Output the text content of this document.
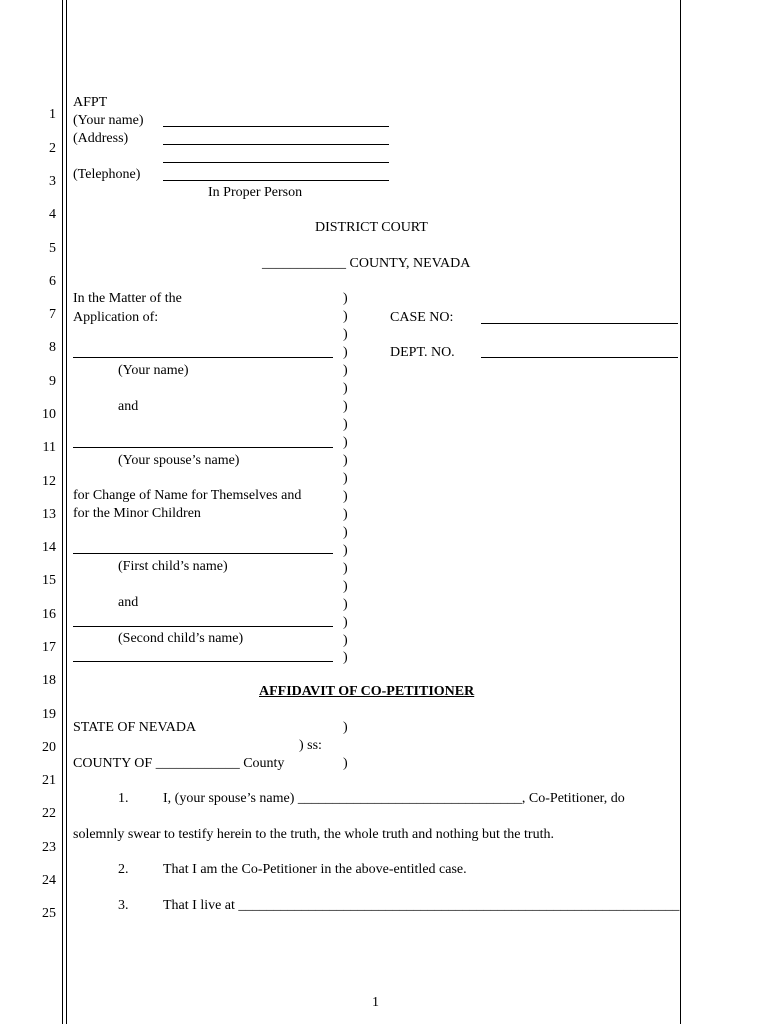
1
2
3
4
5
6
7
8
9
10
11
12
13
14
15
16
17
18
19
20
21
22
23
24
25
AFPT
(Your name)
(Address)
(Telephone)
In Proper Person
DISTRICT COURT
____________ COUNTY, NEVADA
In the Matter of the
Application of:
(Your name)
and
(Your spouse’s name)
for Change of Name for Themselves and
for the Minor Children
(First child’s name)
and
(Second child’s name)
)
)
)
)
)
)
)
)
)
)
)
)
)
)
)
)
)
)
)
)
)
CASE NO:
DEPT. NO.
AFFIDAVIT OF CO-PETITIONER
STATE OF NEVADA	)
) ss:
COUNTY OF ____________ County	)
1. I, (your spouse’s name) ________________________________, Co-Petitioner, do
solemnly swear to testify herein to the truth, the whole truth and nothing but the truth.
2. That I am the Co-Petitioner in the above-entitled case.
3. That I live at _______________________________________________________________
1
